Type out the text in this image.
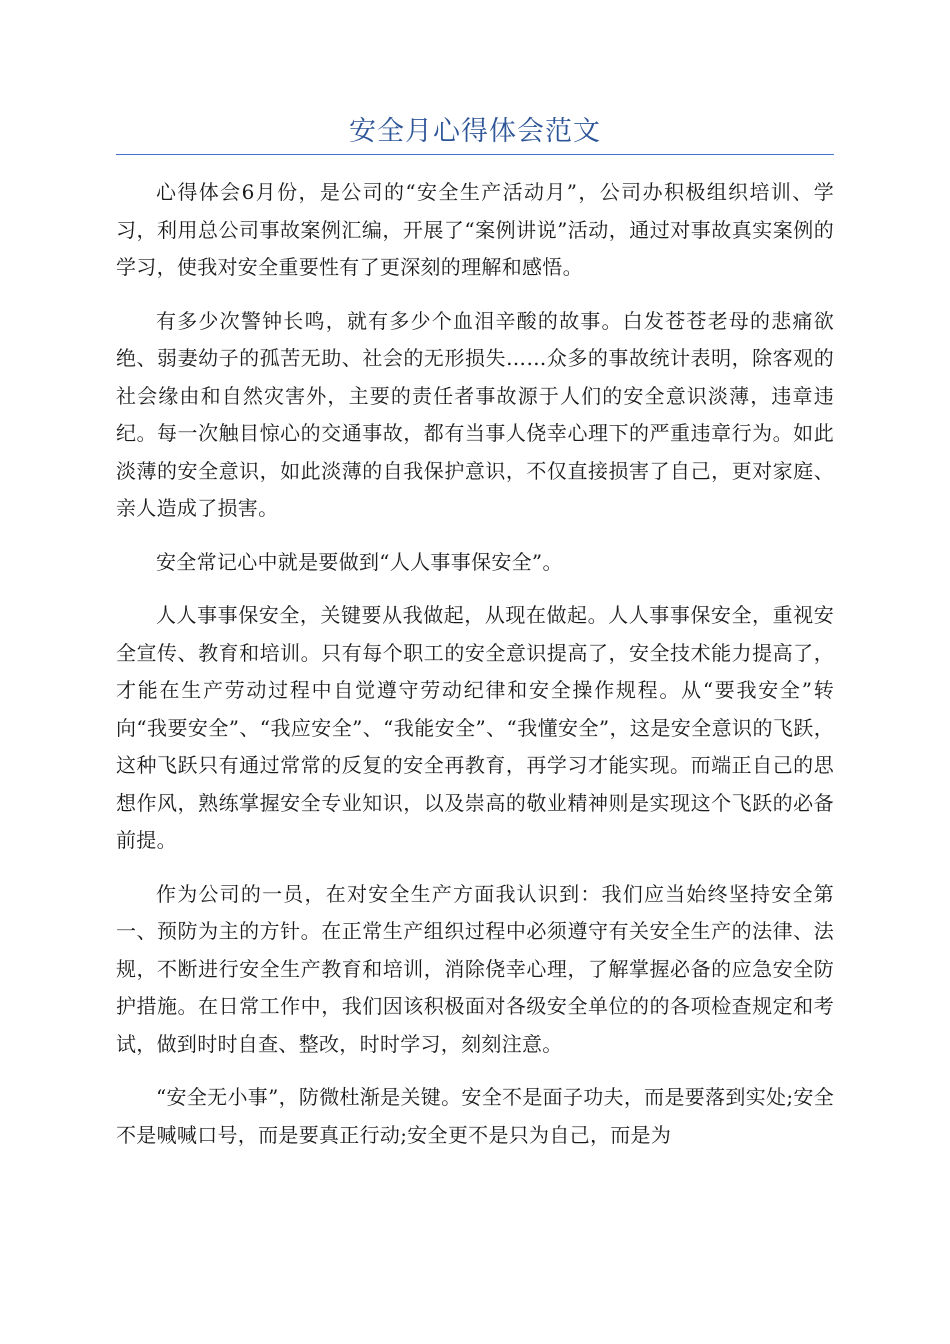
安全月心得体会范文

心得体会6月份，是公司的“安全生产活动月”，公司办积极组织培训、学习，利用总公司事故案例汇编，开展了“案例讲说”活动，通过对事故真实案例的学习，使我对安全重要性有了更深刻的理解和感悟。

有多少次警钟长鸣，就有多少个血泪辛酸的故事。白发苍苍老母的悲痛欲绝、弱妻幼子的孤苦无助、社会的无形损失……众多的事故统计表明，除客观的社会缘由和自然灾害外，主要的责任者事故源于人们的安全意识淡薄，违章违纪。每一次触目惊心的交通事故，都有当事人侥幸心理下的严重违章行为。如此淡薄的安全意识，如此淡薄的自我保护意识，不仅直接损害了自己，更对家庭、亲人造成了损害。

安全常记心中就是要做到“人人事事保安全”。

人人事事保安全，关键要从我做起，从现在做起。人人事事保安全，重视安全宣传、教育和培训。只有每个职工的安全意识提高了，安全技术能力提高了，才能在生产劳动过程中自觉遵守劳动纪律和安全操作规程。从“要我安全”转向“我要安全”、“我应安全”、“我能安全”、“我懂安全”，这是安全意识的飞跃，这种飞跃只有通过常常的反复的安全再教育，再学习才能实现。而端正自己的思想作风，熟练掌握安全专业知识，以及崇高的敬业精神则是实现这个飞跃的必备前提。

作为公司的一员，在对安全生产方面我认识到：我们应当始终坚持安全第一、预防为主的方针。在正常生产组织过程中必须遵守有关安全生产的法律、法规，不断进行安全生产教育和培训，消除侥幸心理，了解掌握必备的应急安全防护措施。在日常工作中，我们因该积极面对各级安全单位的的各项检查规定和考试，做到时时自查、整改，时时学习，刻刻注意。

“安全无小事”，防微杜渐是关键。安全不是面子功夫，而是要落到实处;安全不是喊喊口号，而是要真正行动;安全更不是只为自己，而是为
